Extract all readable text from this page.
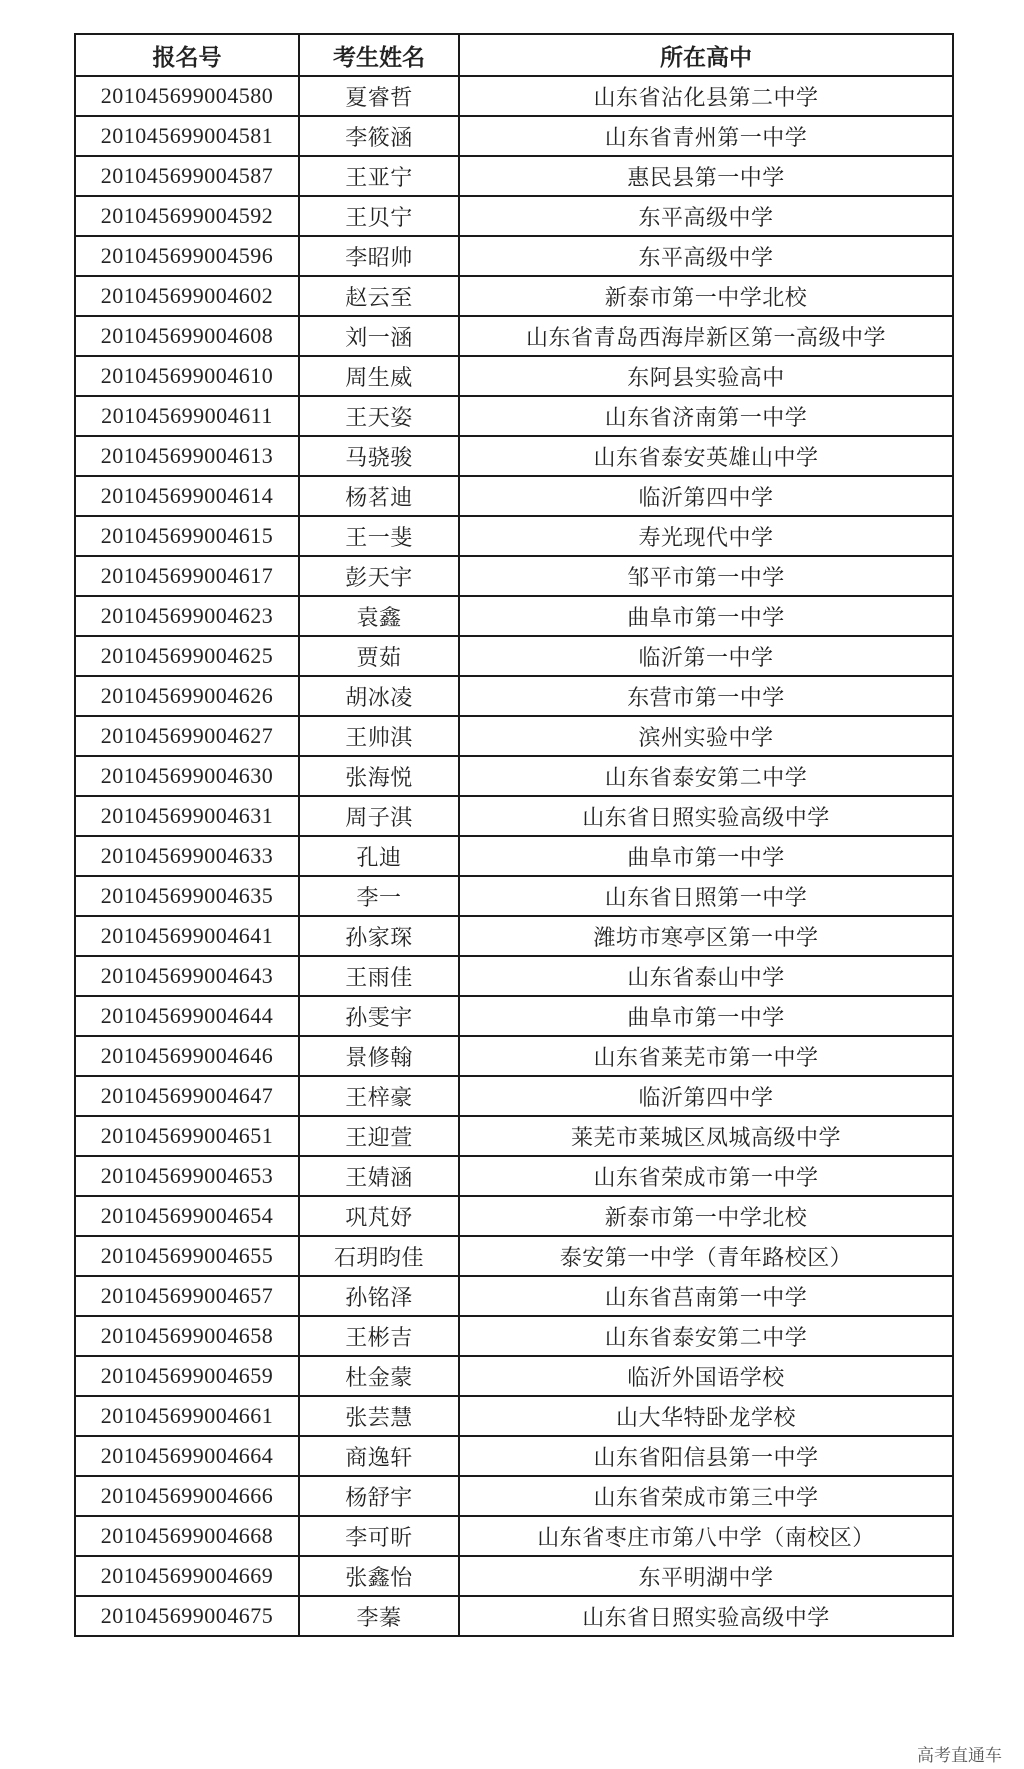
报名号	考生姓名	所在高中
201045699004580	夏睿哲	山东省沾化县第二中学
201045699004581	李筱涵	山东省青州第一中学
201045699004587	王亚宁	惠民县第一中学
201045699004592	王贝宁	东平高级中学
201045699004596	李昭帅	东平高级中学
201045699004602	赵云至	新泰市第一中学北校
201045699004608	刘一涵	山东省青岛西海岸新区第一高级中学
201045699004610	周生威	东阿县实验高中
201045699004611	王天姿	山东省济南第一中学
201045699004613	马骁骏	山东省泰安英雄山中学
201045699004614	杨茗迪	临沂第四中学
201045699004615	王一斐	寿光现代中学
201045699004617	彭天宇	邹平市第一中学
201045699004623	袁鑫	曲阜市第一中学
201045699004625	贾茹	临沂第一中学
201045699004626	胡冰凌	东营市第一中学
201045699004627	王帅淇	滨州实验中学
201045699004630	张海悦	山东省泰安第二中学
201045699004631	周子淇	山东省日照实验高级中学
201045699004633	孔迪	曲阜市第一中学
201045699004635	李一	山东省日照第一中学
201045699004641	孙家琛	潍坊市寒亭区第一中学
201045699004643	王雨佳	山东省泰山中学
201045699004644	孙雯宇	曲阜市第一中学
201045699004646	景修翰	山东省莱芜市第一中学
201045699004647	王梓豪	临沂第四中学
201045699004651	王迎萱	莱芜市莱城区凤城高级中学
201045699004653	王婧涵	山东省荣成市第一中学
201045699004654	巩芃妤	新泰市第一中学北校
201045699004655	石玥昀佳	泰安第一中学（青年路校区）
201045699004657	孙铭泽	山东省莒南第一中学
201045699004658	王彬吉	山东省泰安第二中学
201045699004659	杜金蒙	临沂外国语学校
201045699004661	张芸慧	山大华特卧龙学校
201045699004664	商逸轩	山东省阳信县第一中学
201045699004666	杨舒宇	山东省荣成市第三中学
201045699004668	李可昕	山东省枣庄市第八中学（南校区）
201045699004669	张鑫怡	东平明湖中学
201045699004675	李蓁	山东省日照实验高级中学
高考直通车
